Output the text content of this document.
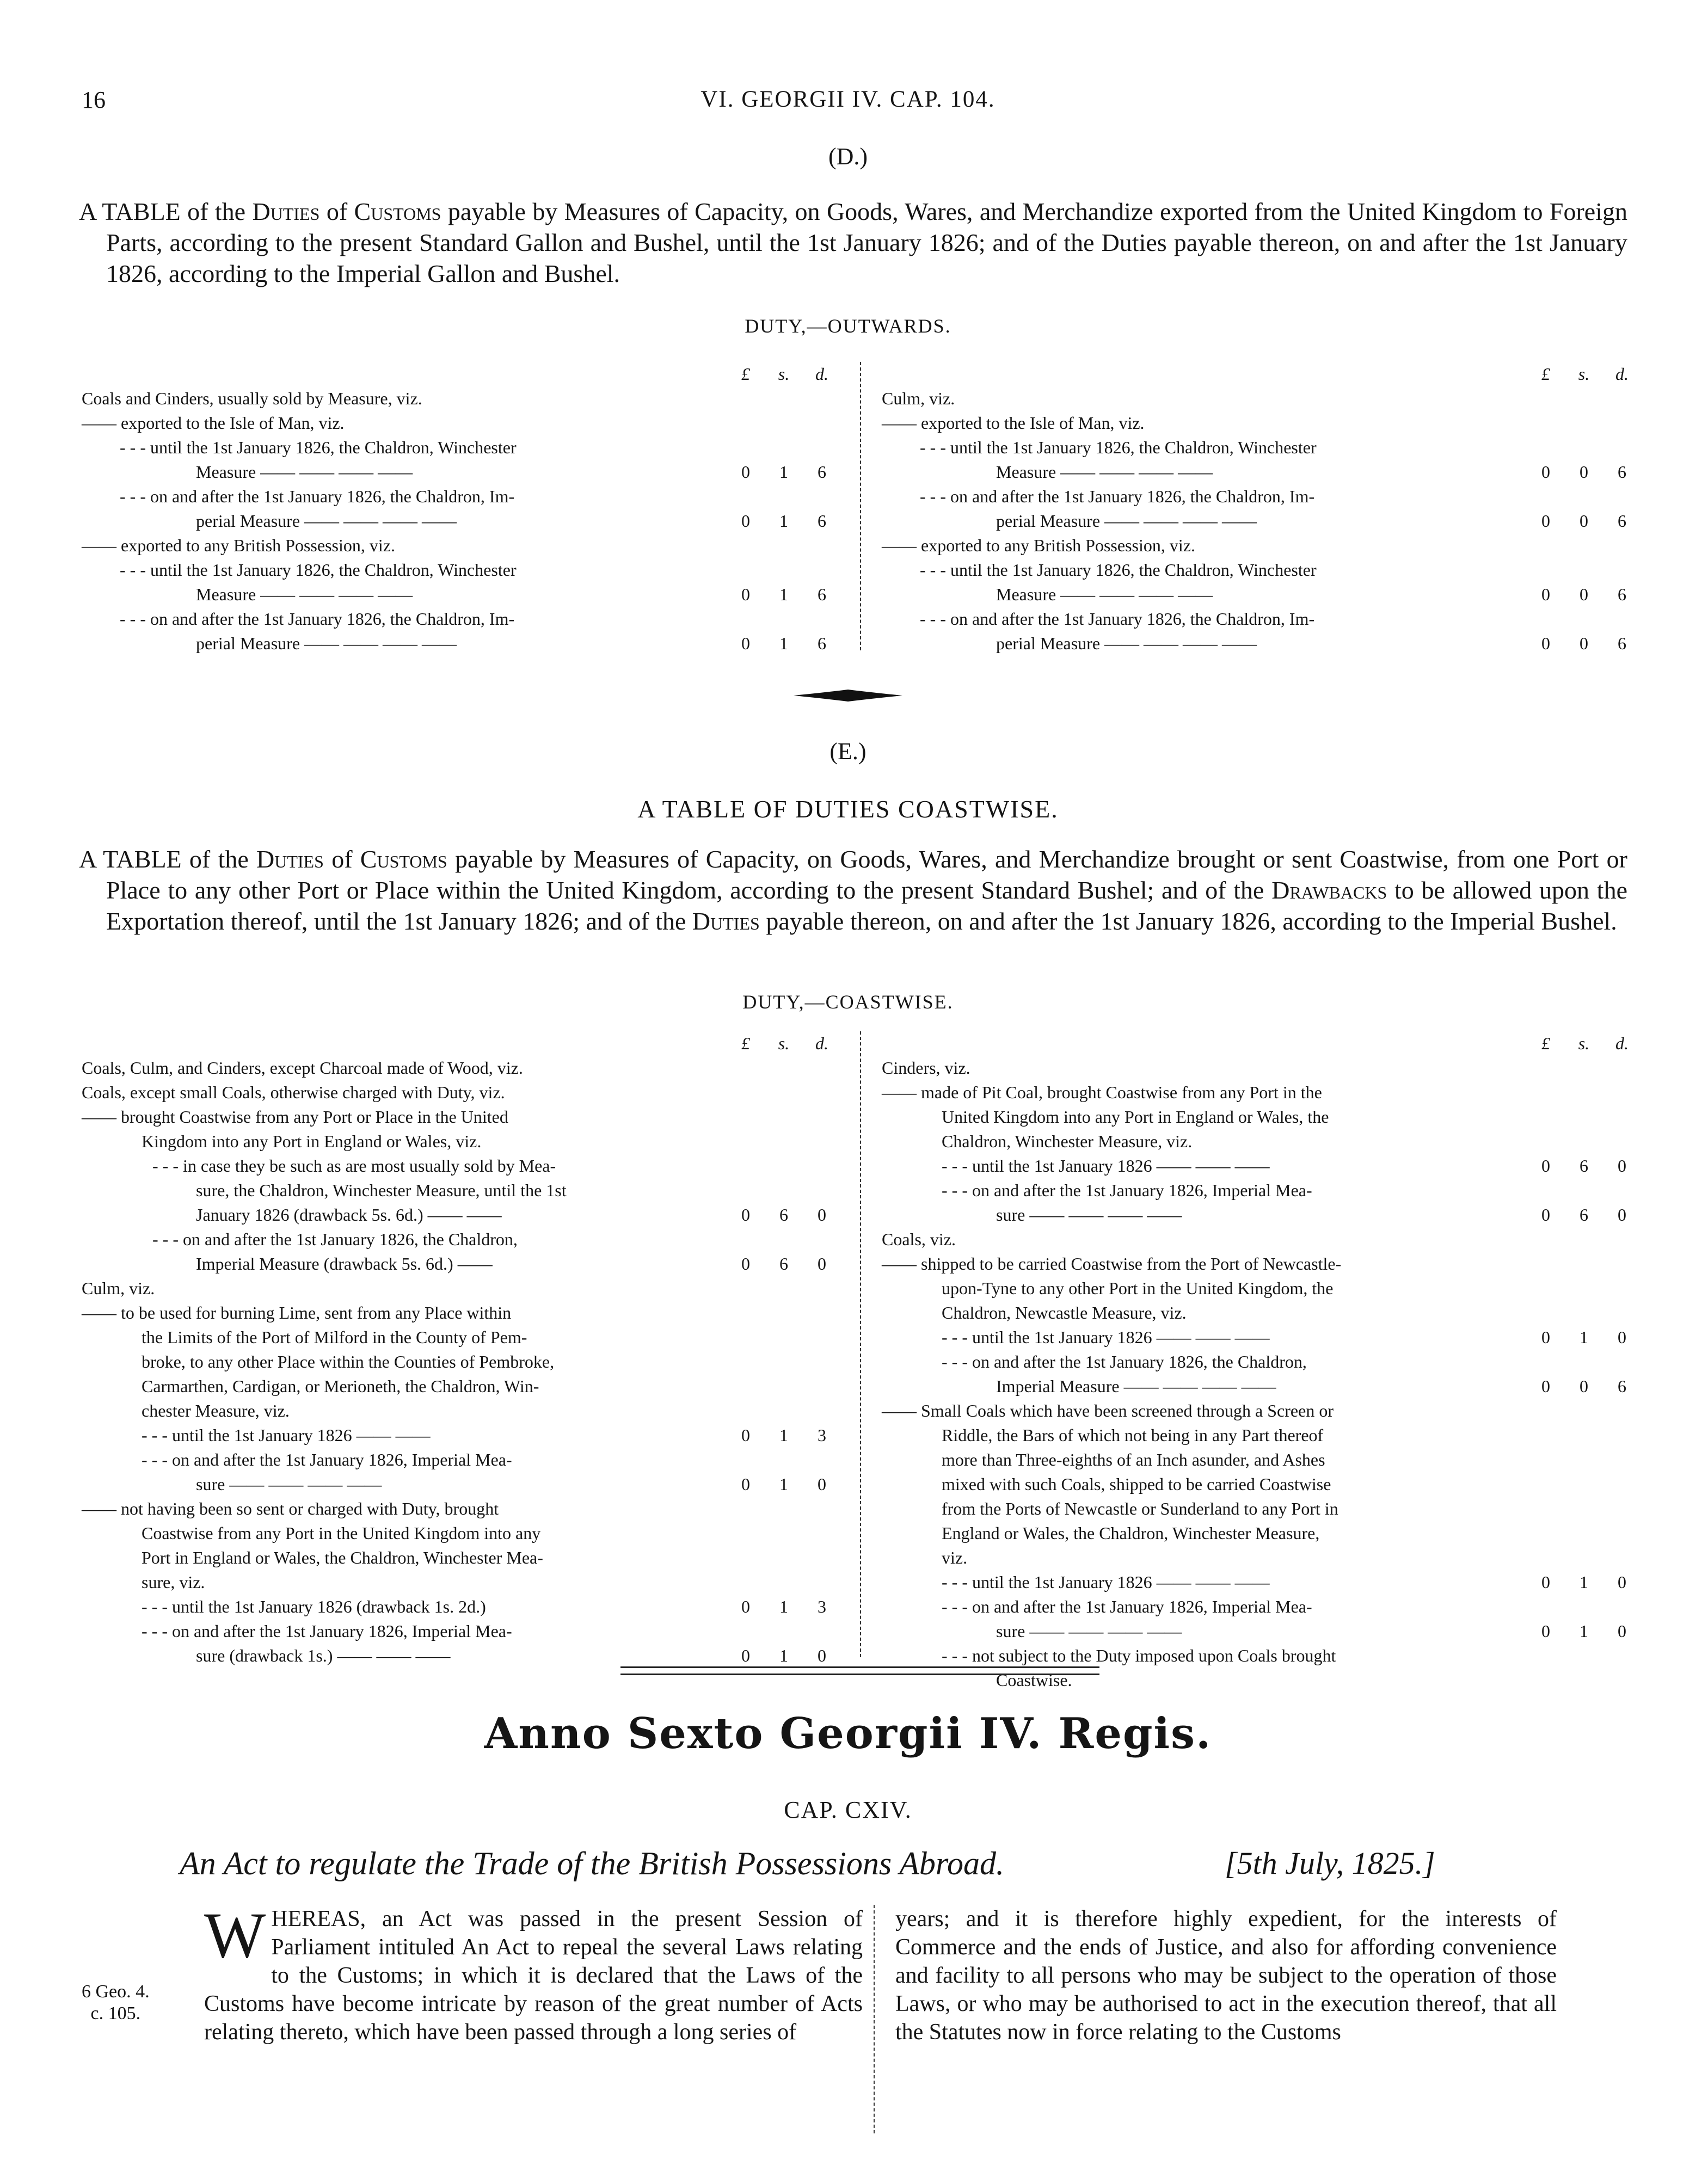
16	VI. GEORGII IV. CAP. 104.
(D.)
A TABLE of the Duties of Customs payable by Measures of Capacity, on Goods, Wares, and Merchandize exported from the United Kingdom to Foreign Parts, according to the present Standard Gallon and Bushel, until the 1st January 1826; and of the Duties payable thereon, on and after the 1st January 1826, according to the Imperial Gallon and Bushel.
DUTY,—OUTWARDS.
£	s.	d.
Coals and Cinders, usually sold by Measure, viz.
—— exported to the Isle of Man, viz.
- - - until the 1st January 1826, the Chaldron, Winchester
Measure —— —— —— ——	0	1	6
- - - on and after the 1st January 1826, the Chaldron, Im-
perial Measure —— —— —— ——	0	1	6
—— exported to any British Possession, viz.
- - - until the 1st January 1826, the Chaldron, Winchester
Measure —— —— —— ——	0	1	6
- - - on and after the 1st January 1826, the Chaldron, Im-
perial Measure —— —— —— ——	0	1	6
£	s.	d.
Culm, viz.
—— exported to the Isle of Man, viz.
- - - until the 1st January 1826, the Chaldron, Winchester
Measure —— —— —— ——	0	0	6
- - - on and after the 1st January 1826, the Chaldron, Im-
perial Measure —— —— —— ——	0	0	6
—— exported to any British Possession, viz.
- - - until the 1st January 1826, the Chaldron, Winchester
Measure —— —— —— ——	0	0	6
- - - on and after the 1st January 1826, the Chaldron, Im-
perial Measure —— —— —— ——	0	0	6
(E.)
A TABLE OF DUTIES COASTWISE.
A TABLE of the Duties of Customs payable by Measures of Capacity, on Goods, Wares, and Merchandize brought or sent Coastwise, from one Port or Place to any other Port or Place within the United Kingdom, according to the present Standard Bushel; and of the Drawbacks to be allowed upon the Exportation thereof, until the 1st January 1826; and of the Duties payable thereon, on and after the 1st January 1826, according to the Imperial Bushel.
DUTY,—COASTWISE.
£	s.	d.
Coals, Culm, and Cinders, except Charcoal made of Wood, viz.
Coals, except small Coals, otherwise charged with Duty, viz.
—— brought Coastwise from any Port or Place in the United
Kingdom into any Port in England or Wales, viz.
- - - in case they be such as are most usually sold by Mea-
sure, the Chaldron, Winchester Measure, until the 1st
January 1826 (drawback 5s. 6d.) —— ——	0	6	0
- - - on and after the 1st January 1826, the Chaldron,
Imperial Measure (drawback 5s. 6d.) ——	0	6	0
Culm, viz.
—— to be used for burning Lime, sent from any Place within
the Limits of the Port of Milford in the County of Pem-
broke, to any other Place within the Counties of Pembroke,
Carmarthen, Cardigan, or Merioneth, the Chaldron, Win-
chester Measure, viz.
- - - until the 1st January 1826 —— ——	0	1	3
- - - on and after the 1st January 1826, Imperial Mea-
sure —— —— —— ——	0	1	0
—— not having been so sent or charged with Duty, brought
Coastwise from any Port in the United Kingdom into any
Port in England or Wales, the Chaldron, Winchester Mea-
sure, viz.
- - - until the 1st January 1826 (drawback 1s. 2d.)	0	1	3
- - - on and after the 1st January 1826, Imperial Mea-
sure (drawback 1s.) —— —— ——	0	1	0
£	s.	d.
Cinders, viz.
—— made of Pit Coal, brought Coastwise from any Port in the
United Kingdom into any Port in England or Wales, the
Chaldron, Winchester Measure, viz.
- - - until the 1st January 1826 —— —— ——	0	6	0
- - - on and after the 1st January 1826, Imperial Mea-
sure —— —— —— ——	0	6	0
Coals, viz.
—— shipped to be carried Coastwise from the Port of Newcastle-
upon-Tyne to any other Port in the United Kingdom, the
Chaldron, Newcastle Measure, viz.
- - - until the 1st January 1826 —— —— ——	0	1	0
- - - on and after the 1st January 1826, the Chaldron,
Imperial Measure —— —— —— ——	0	0	6
—— Small Coals which have been screened through a Screen or
Riddle, the Bars of which not being in any Part thereof
more than Three-eighths of an Inch asunder, and Ashes
mixed with such Coals, shipped to be carried Coastwise
from the Ports of Newcastle or Sunderland to any Port in
England or Wales, the Chaldron, Winchester Measure,
viz.
- - - until the 1st January 1826 —— —— ——	0	1	0
- - - on and after the 1st January 1826, Imperial Mea-
sure —— —— —— ——	0	1	0
- - - not subject to the Duty imposed upon Coals brought
Coastwise.
Anno Sexto Georgii IV. Regis.
CAP. CXIV.
An Act to regulate the Trade of the British Possessions Abroad.	[5th July, 1825.]
6 Geo. 4.
c. 105.
WHEREAS, an Act was passed in the present Session of Parliament intituled An Act to repeal the several Laws relating to the Customs; in which it is declared that the Laws of the Customs have become intricate by reason of the great number of Acts relating thereto, which have been passed through a long series of
years; and it is therefore highly expedient, for the interests of Commerce and the ends of Justice, and also for affording convenience and facility to all persons who may be subject to the operation of those Laws, or who may be authorised to act in the execution thereof, that all the Statutes now in force relating to the Customs
